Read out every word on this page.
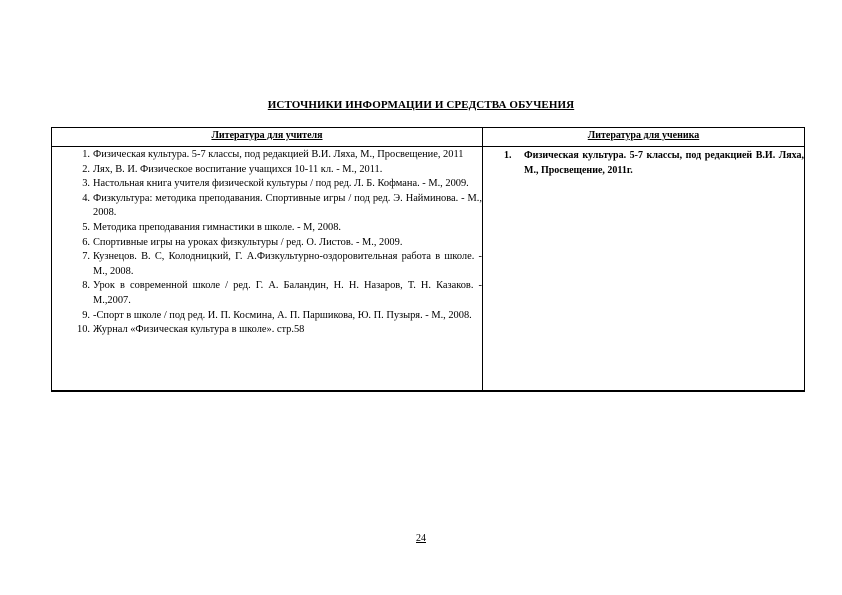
ИСТОЧНИКИ ИНФОРМАЦИИ И СРЕДСТВА ОБУЧЕНИЯ
Литература для учителя	Литература для ученика
1. Физическая культура. 5-7 классы, под редакцией В.И. Ляха, М., Просвещение, 2011
2. Лях, В. И. Физическое воспитание учащихся 10-11 кл. - М., 2011.
3. Настольная книга учителя физической культуры / под ред. Л. Б. Кофмана. - М., 2009.
4. Физкультура: методика преподавания. Спортивные игры / под ред. Э. Найминова. - М., 2008.
5. Методика преподавания гимнастики в школе. - М, 2008.
6. Спортивные игры на уроках физкультуры / ред. О. Листов. - М., 2009.
7. Кузнецов. В. С, Колодницкий, Г. А.Физкультурно-оздоровительная работа в школе. - М., 2008.
8. Урок в современной школе / ред. Г. А. Баландин, Н. Н. Назаров, Т. Н. Казаков. - М.,2007.
9. -Спорт в школе / под ред. И. П. Космина, А. П. Паршикова, Ю. П. Пузыря. - М., 2008.
10. Журнал «Физическая культура в школе». стр.58
1. Физическая культура. 5-7 классы, под редакцией В.И. Ляха, М., Просвещение, 2011г.
24
